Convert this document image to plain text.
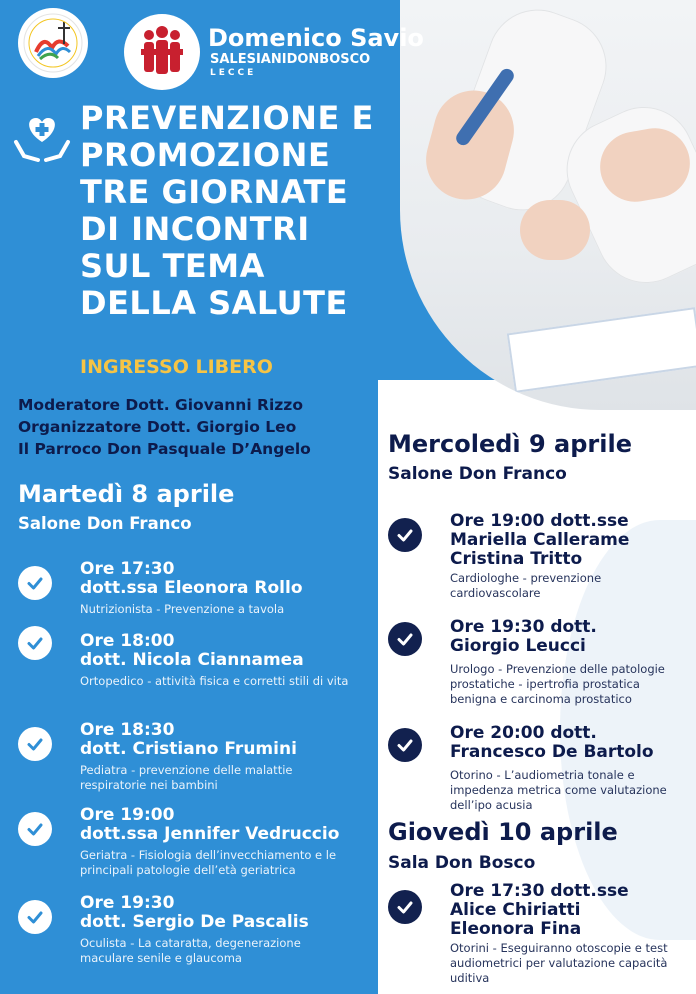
Domenico Savio
SALESIANIDONBOSCO
LECCE
PREVENZIONE E
PROMOZIONE
TRE GIORNATE
DI INCONTRI
SUL TEMA
DELLA SALUTE
INGRESSO LIBERO
Moderatore Dott. Giovanni Rizzo
Organizzatore Dott. Giorgio Leo
Il Parroco Don Pasquale D’Angelo
Martedì 8 aprile
Salone Don Franco
Ore 17:30
dott.ssa Eleonora Rollo
Nutrizionista - Prevenzione a tavola
Ore 18:00
dott. Nicola Ciannamea
Ortopedico - attività fisica e corretti stili di vita
Ore 18:30
dott. Cristiano Frumini
Pediatra - prevenzione delle malattie respiratorie nei bambini
Ore 19:00
dott.ssa Jennifer Vedruccio
Geriatra - Fisiologia dell’invecchiamento e le principali patologie dell’età geriatrica
Ore 19:30
dott. Sergio De Pascalis
Oculista - La cataratta, degenerazione maculare senile e glaucoma
Mercoledì 9 aprile
Salone Don Franco
Ore 19:00 dott.sse
Mariella Callerame
Cristina Tritto
Cardiologhe - prevenzione cardiovascolare
Ore 19:30 dott.
Giorgio Leucci
Urologo - Prevenzione delle patologie prostatiche - ipertrofia prostatica benigna e carcinoma prostatico
Ore 20:00 dott.
Francesco De Bartolo
Otorino - L’audiometria tonale e impedenza metrica come valutazione dell’ipo acusia
Giovedì 10 aprile
Sala Don Bosco
Ore 17:30 dott.sse
Alice Chiriatti
Eleonora Fina
Otorini - Eseguiranno otoscopie e test audiometrici per valutazione capacità uditiva
